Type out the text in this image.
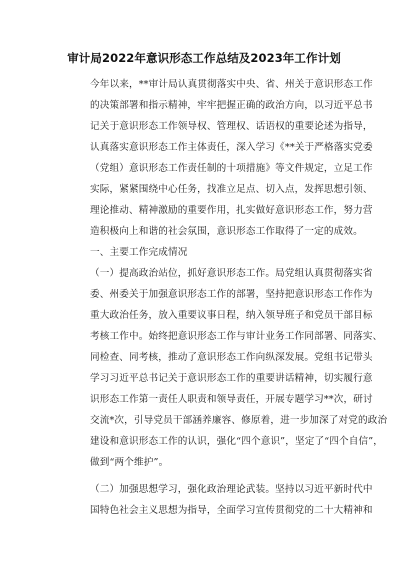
审计局2022年意识形态工作总结及2023年工作计划
今年以来，**审计局认真贯彻落实中央、省、州关于意识形态工作
的决策部署和指示精神，牢牢把握正确的政治方向，以习近平总书
记关于意识形态工作领导权、管理权、话语权的重要论述为指导，
认真落实意识形态工作主体责任，深入学习《**关于严格落实党委
（党组）意识形态工作责任制的十项措施》等文件规定，立足工作
实际，紧紧围绕中心任务，找准立足点、切入点，发挥思想引领、
理论推动、精神激励的重要作用，扎实做好意识形态工作，努力营
造积极向上和谐的社会氛围，意识形态工作取得了一定的成效。
一、主要工作完成情况
（一）提高政治站位，抓好意识形态工作。局党组认真贯彻落实省
委、州委关于加强意识形态工作的部署，坚持把意识形态工作作为
重大政治任务，放入重要议事日程，纳入领导班子和党员干部目标
考核工作中。始终把意识形态工作与审计业务工作同部署、同落实、
同检查、同考核，推动了意识形态工作向纵深发展。党组书记带头
学习习近平总书记关于意识形态工作的重要讲话精神，切实履行意
识形态工作第一责任人职责和领导责任，开展专题学习**次，研讨
交流*次，引导党员干部涵养廉容、修原着，进一步加深了对党的政治
建设和意识形态工作的认识，强化“四个意识”，坚定了“四个自信”，
做到“两个维护”。
（二）加强思想学习，强化政治理论武装。坚持以习近平新时代中
国特色社会主义思想为指导，全面学习宣传贯彻党的二十大精神和
